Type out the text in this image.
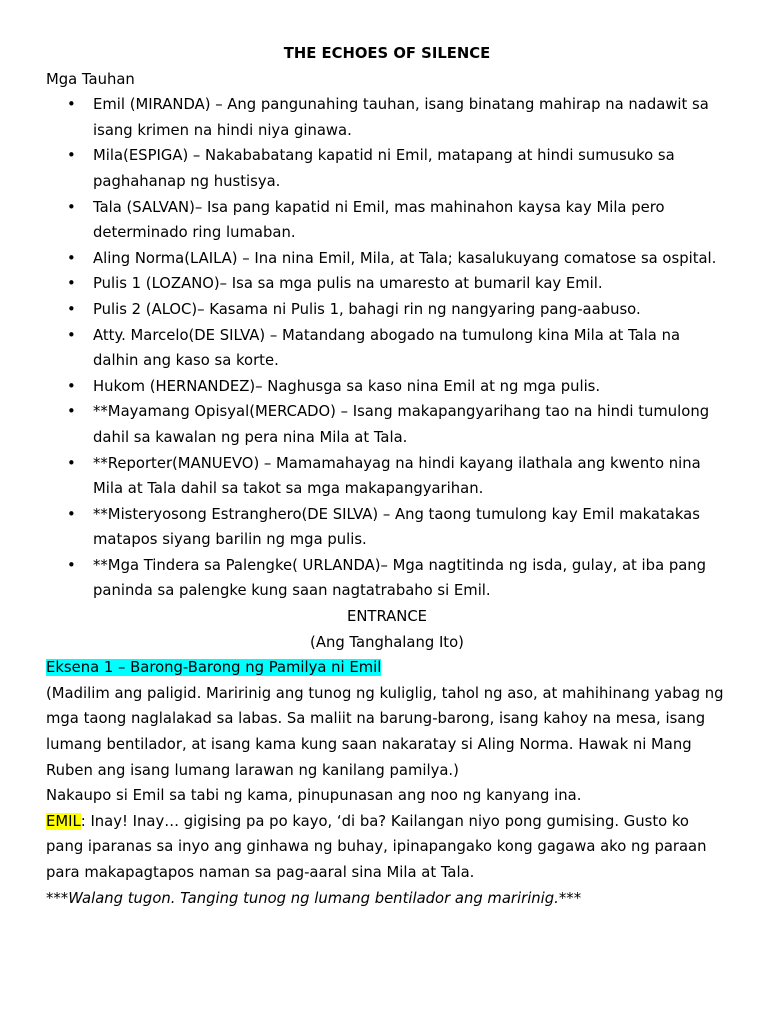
THE ECHOES OF SILENCE

Mga Tauhan

• Emil (MIRANDA) – Ang pangunahing tauhan, isang binatang mahirap na nadawit sa isang krimen na hindi niya ginawa.
• Mila(ESPIGA) – Nakababatang kapatid ni Emil, matapang at hindi sumusuko sa paghahanap ng hustisya.
• Tala (SALVAN)– Isa pang kapatid ni Emil, mas mahinahon kaysa kay Mila pero determinado ring lumaban.
• Aling Norma(LAILA) – Ina nina Emil, Mila, at Tala; kasalukuyang comatose sa ospital.
• Pulis 1 (LOZANO)– Isa sa mga pulis na umaresto at bumaril kay Emil.
• Pulis 2 (ALOC)– Kasama ni Pulis 1, bahagi rin ng nangyaring pang-aabuso.
• Atty. Marcelo(DE SILVA) – Matandang abogado na tumulong kina Mila at Tala na dalhin ang kaso sa korte.
• Hukom (HERNANDEZ)– Naghusga sa kaso nina Emil at ng mga pulis.
• **Mayamang Opisyal(MERCADO) – Isang makapangyarihang tao na hindi tumulong dahil sa kawalan ng pera nina Mila at Tala.
• **Reporter(MANUEVO) – Mamamahayag na hindi kayang ilathala ang kwento nina Mila at Tala dahil sa takot sa mga makapangyarihan.
• **Misteryosong Estranghero(DE SILVA) – Ang taong tumulong kay Emil makatakas matapos siyang barilin ng mga pulis.
• **Mga Tindera sa Palengke( URLANDA)– Mga nagtitinda ng isda, gulay, at iba pang paninda sa palengke kung saan nagtatrabaho si Emil.

ENTRANCE

(Ang Tanghalang Ito)

Eksena 1 – Barong-Barong ng Pamilya ni Emil

(Madilim ang paligid. Maririnig ang tunog ng kuliglig, tahol ng aso, at mahihinang yabag ng mga taong naglalakad sa labas. Sa maliit na barung-barong, isang kahoy na mesa, isang lumang bentilador, at isang kama kung saan nakaratay si Aling Norma. Hawak ni Mang Ruben ang isang lumang larawan ng kanilang pamilya.)

Nakaupo si Emil sa tabi ng kama, pinupunasan ang noo ng kanyang ina.

EMIL: Inay! Inay… gigising pa po kayo, ‘di ba? Kailangan niyo pong gumising. Gusto ko pang iparanas sa inyo ang ginhawa ng buhay, ipinapangako kong gagawa ako ng paraan para makapagtapos naman sa pag-aaral sina Mila at Tala.

***Walang tugon. Tanging tunog ng lumang bentilador ang maririnig.***
